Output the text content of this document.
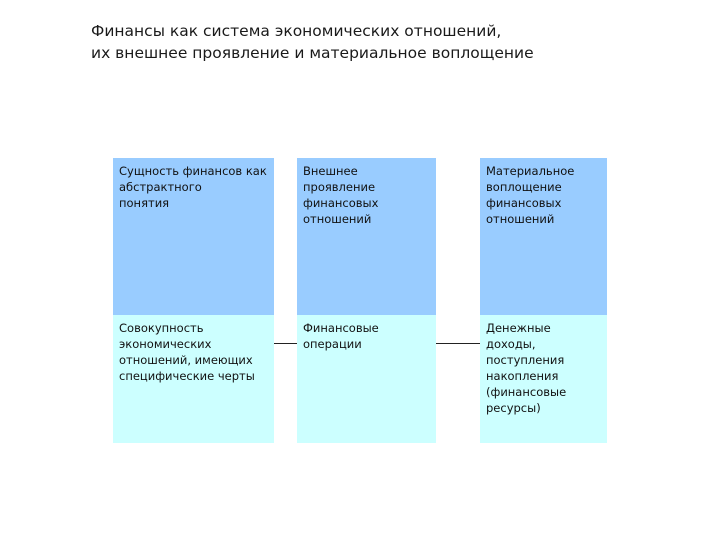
Финансы как система экономических отношений,
их внешнее проявление и материальное воплощение
Сущность финансов как
абстрактного
понятия
Совокупность
экономических
отношений, имеющих
специфические черты
Внешнее
проявление
финансовых
отношений
Финансовые
операции
Материальное
воплощение
финансовых
отношений
Денежные
доходы,
поступления
накопления
(финансовые
ресурсы)
